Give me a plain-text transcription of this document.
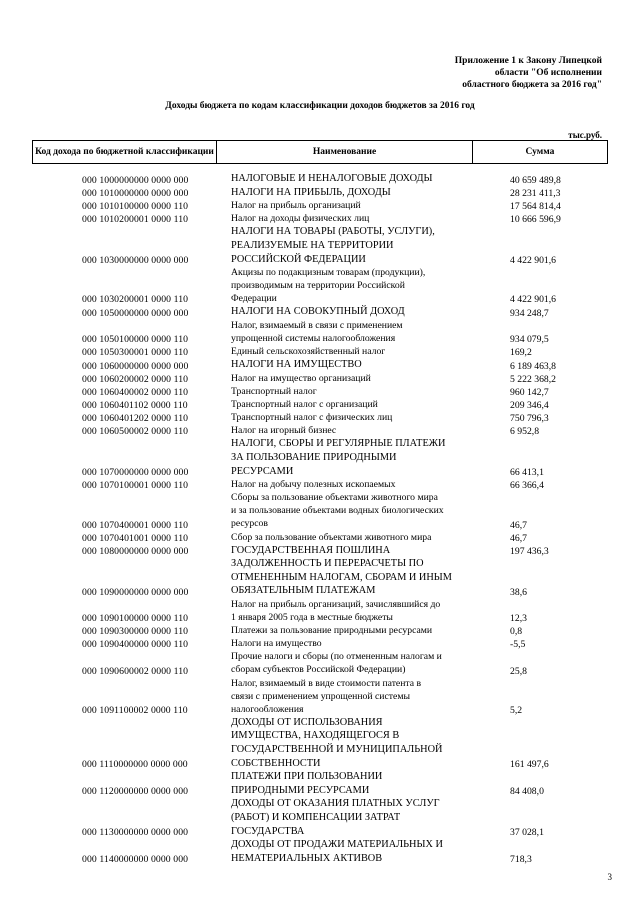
Приложение 1 к Закону Липецкой
области "Об исполнении
областного бюджета за 2016 год"
Доходы бюджета по кодам классификации доходов бюджетов за 2016 год
тыс.руб.
Код дохода по бюджетной классификации	Наименование	Сумма
000 1000000000 0000 000	НАЛОГОВЫЕ И НЕНАЛОГОВЫЕ ДОХОДЫ	40 659 489,8
000 1010000000 0000 000	НАЛОГИ НА ПРИБЫЛЬ, ДОХОДЫ	28 231 411,3
000 1010100000 0000 110	Налог на прибыль организаций	17 564 814,4
000 1010200001 0000 110	Налог на доходы физических лиц	10 666 596,9
000 1030000000 0000 000
НАЛОГИ НА ТОВАРЫ (РАБОТЫ, УСЛУГИ),
РЕАЛИЗУЕМЫЕ НА ТЕРРИТОРИИ
РОССИЙСКОЙ ФЕДЕРАЦИИ	4 422 901,6
000 1030200001 0000 110
Акцизы по подакцизным товарам (продукции),
производимым на территории Российской
Федерации	4 422 901,6
000 1050000000 0000 000	НАЛОГИ НА СОВОКУПНЫЙ ДОХОД	934 248,7
000 1050100000 0000 110
Налог, взимаемый в связи с применением
упрощенной системы налогообложения	934 079,5
000 1050300001 0000 110	Единый сельскохозяйственный налог	169,2
000 1060000000 0000 000	НАЛОГИ НА ИМУЩЕСТВО	6 189 463,8
000 1060200002 0000 110	Налог на имущество организаций	5 222 368,2
000 1060400002 0000 110	Транспортный налог	960 142,7
000 1060401102 0000 110	Транспортный налог с организаций	209 346,4
000 1060401202 0000 110	Транспортный налог с физических лиц	750 796,3
000 1060500002 0000 110	Налог на игорный бизнес	6 952,8
000 1070000000 0000 000
НАЛОГИ, СБОРЫ И РЕГУЛЯРНЫЕ ПЛАТЕЖИ
ЗА ПОЛЬЗОВАНИЕ ПРИРОДНЫМИ
РЕСУРСАМИ	66 413,1
000 1070100001 0000 110	Налог на добычу полезных ископаемых	66 366,4
000 1070400001 0000 110
Сборы за пользование объектами животного мира
и за пользование объектами водных биологических
ресурсов	46,7
000 1070401001 0000 110	Сбор за пользование объектами животного мира	46,7
000 1080000000 0000 000	ГОСУДАРСТВЕННАЯ ПОШЛИНА	197 436,3
000 1090000000 0000 000
ЗАДОЛЖЕННОСТЬ И ПЕРЕРАСЧЕТЫ ПО
ОТМЕНЕННЫМ НАЛОГАМ, СБОРАМ И ИНЫМ
ОБЯЗАТЕЛЬНЫМ ПЛАТЕЖАМ	38,6
000 1090100000 0000 110
Налог на прибыль организаций, зачислявшийся до
1 января 2005 года в местные бюджеты	12,3
000 1090300000 0000 110	Платежи за пользование природными ресурсами	0,8
000 1090400000 0000 110	Налоги на имущество	-5,5
000 1090600002 0000 110
Прочие налоги и сборы (по отмененным налогам и
сборам субъектов Российской Федерации)	25,8
000 1091100002 0000 110
Налог, взимаемый в виде стоимости патента в
связи с применением упрощенной системы
налогообложения	5,2
000 1110000000 0000 000
ДОХОДЫ ОТ ИСПОЛЬЗОВАНИЯ
ИМУЩЕСТВА, НАХОДЯЩЕГОСЯ В
ГОСУДАРСТВЕННОЙ И МУНИЦИПАЛЬНОЙ
СОБСТВЕННОСТИ	161 497,6
000 1120000000 0000 000
ПЛАТЕЖИ ПРИ ПОЛЬЗОВАНИИ
ПРИРОДНЫМИ РЕСУРСАМИ	84 408,0
000 1130000000 0000 000
ДОХОДЫ ОТ ОКАЗАНИЯ ПЛАТНЫХ УСЛУГ
(РАБОТ) И КОМПЕНСАЦИИ ЗАТРАТ
ГОСУДАРСТВА	37 028,1
000 1140000000 0000 000
ДОХОДЫ ОТ ПРОДАЖИ МАТЕРИАЛЬНЫХ И
НЕМАТЕРИАЛЬНЫХ АКТИВОВ	718,3
3
